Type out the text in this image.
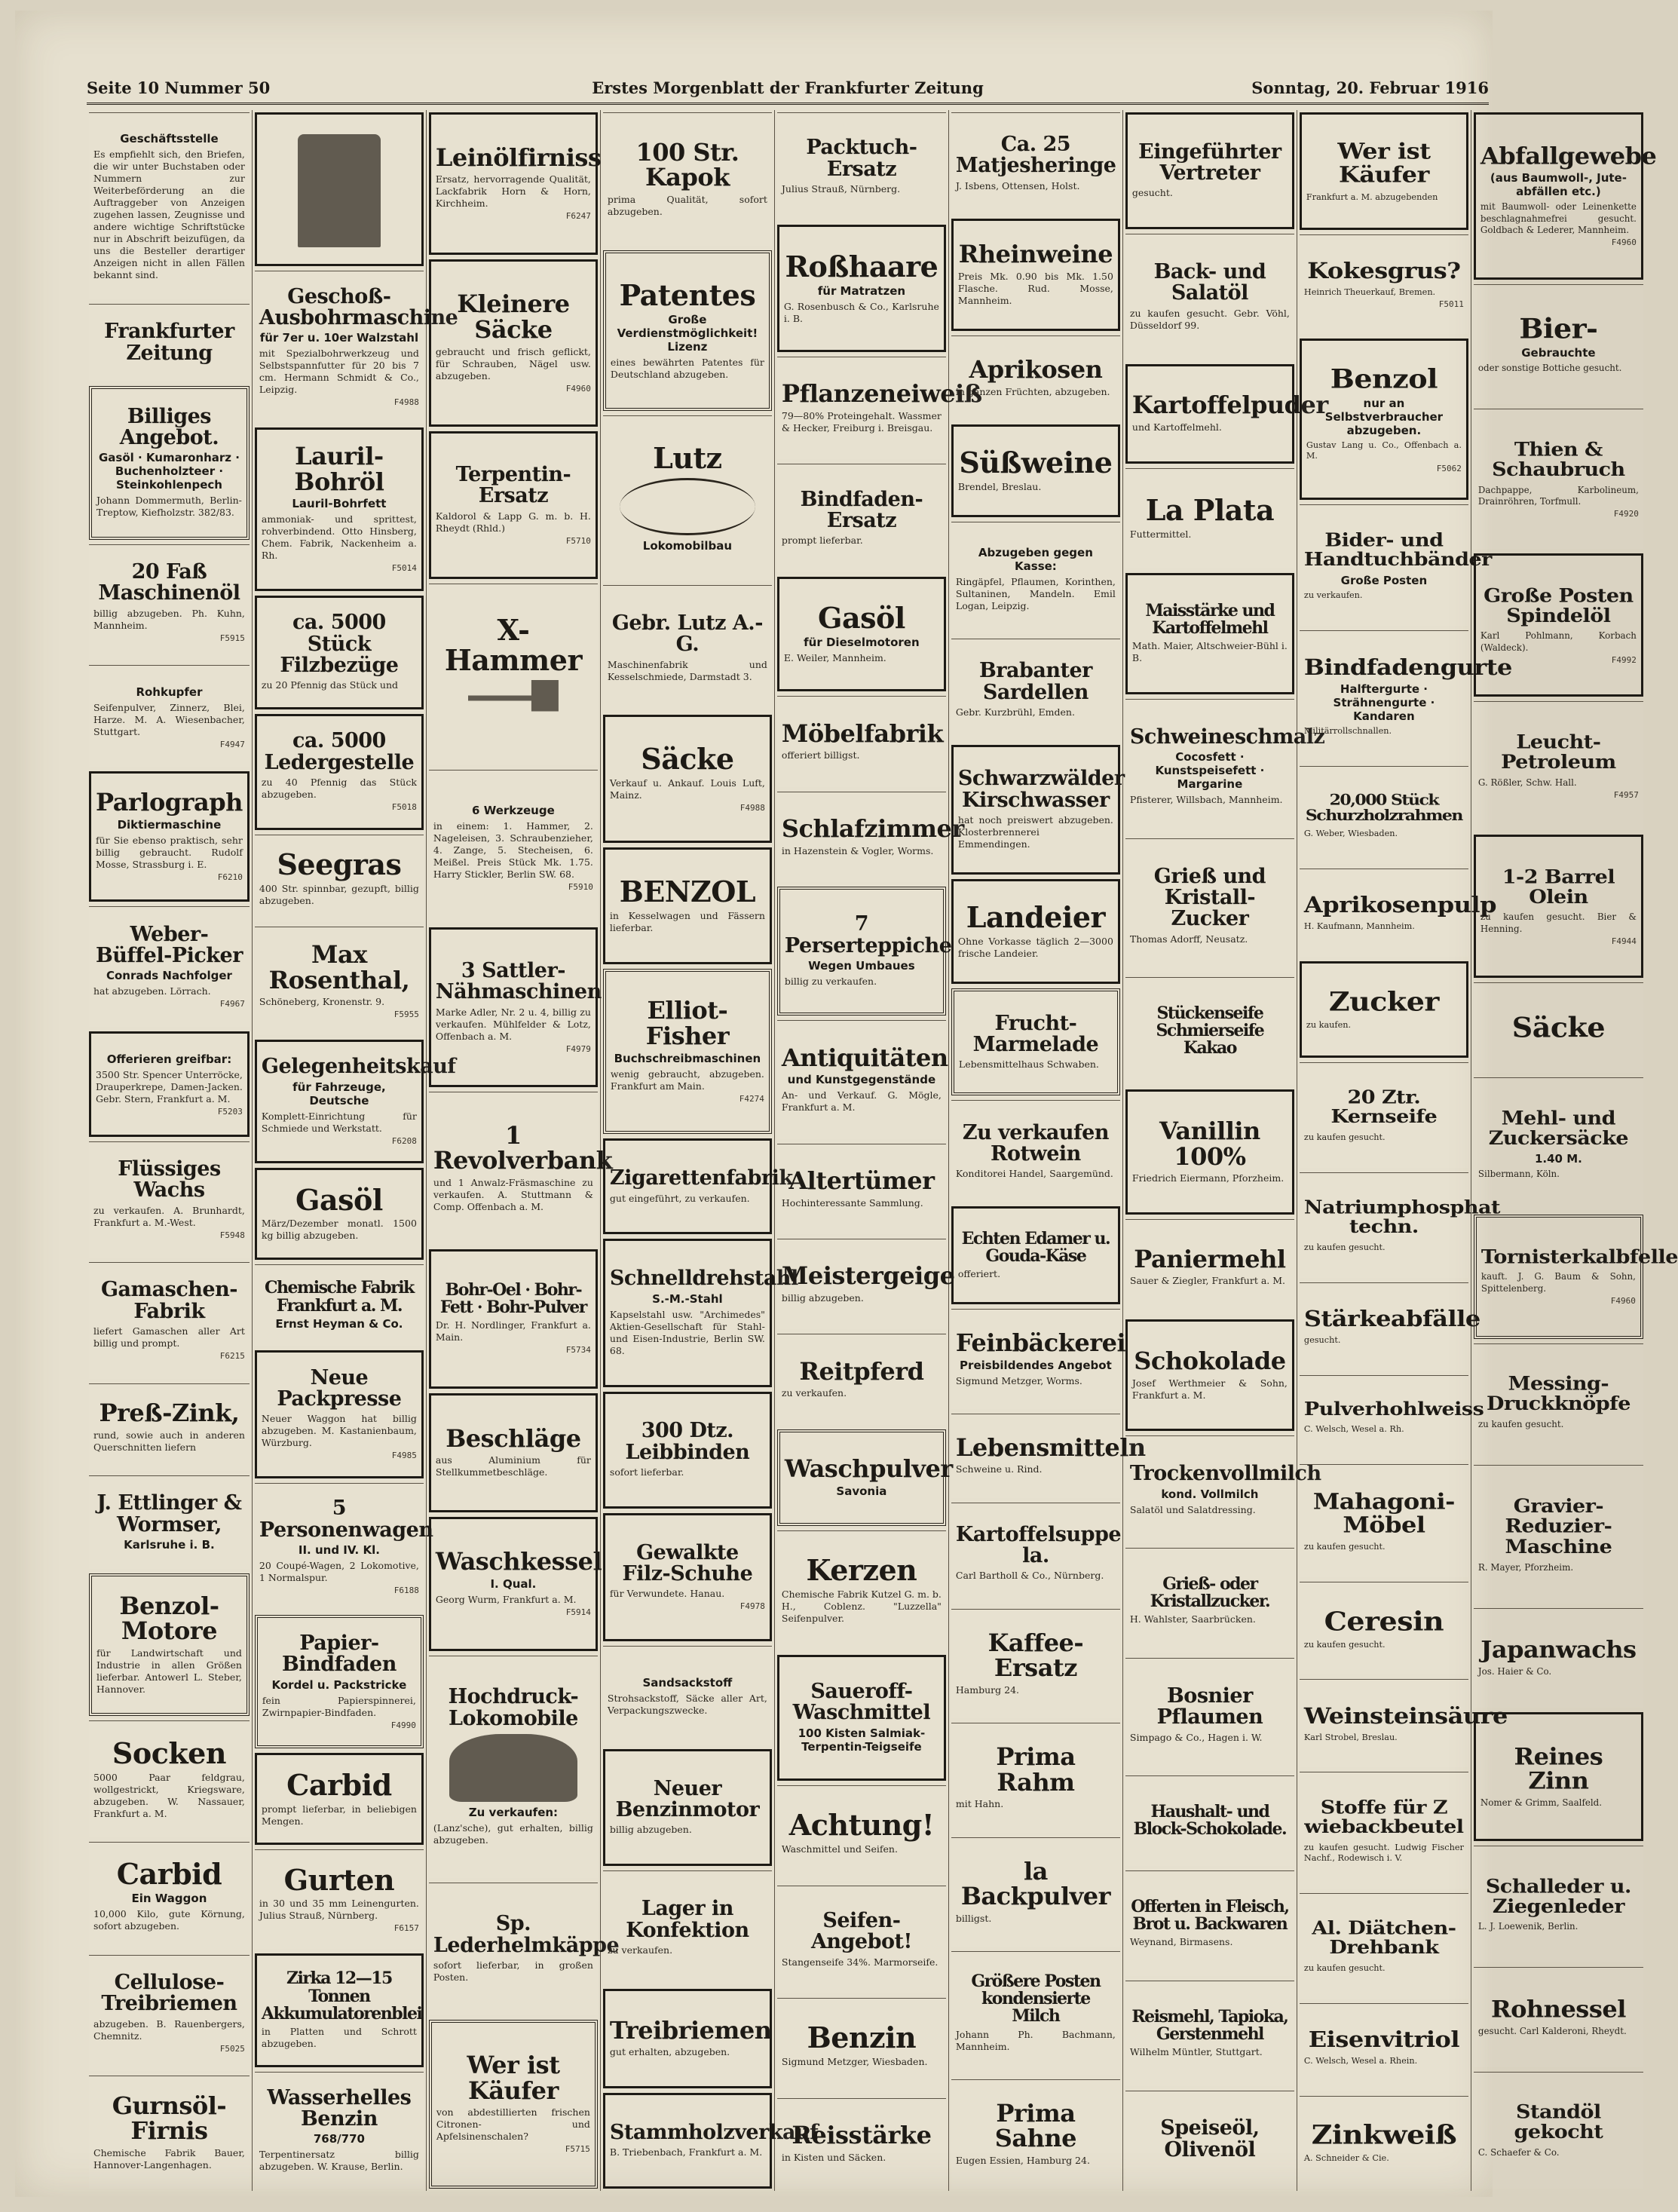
Seite 10 Nummer 50	Erstes Morgenblatt der Frankfurter Zeitung	Sonntag, 20. Februar 1916
Geschäftsstelle
Es empfiehlt sich, den Briefen, die wir unter Buchstaben oder Nummern zur Weiterbeförderung an die Auftraggeber von Anzeigen zugehen lassen, Zeugnisse und andere wichtige Schriftstücke nur in Abschrift beizufügen, da uns die Besteller derartiger Anzeigen nicht in allen Fällen bekannt sind.
Frankfurter Zeitung
Billiges Angebot.
Gasöl · Kumaronharz · Buchenholzteer · Steinkohlenpech
Johann Dommermuth, Berlin-Treptow, Kiefholzstr. 382/83.
20 Faß Maschinenöl
billig abzugeben. Ph. Kuhn, Mannheim.
F5915
Rohkupfer
Seifenpulver, Zinnerz, Blei, Harze. M. A. Wiesenbacher, Stuttgart.
F4947
Parlograph
Diktiermaschine
für Sie ebenso praktisch, sehr billig gebraucht. Rudolf Mosse, Strassburg i. E.
F6210
Weber-Büffel-Picker
Conrads Nachfolger
hat abzugeben. Lörrach.
F4967
Offerieren greifbar:
3500 Str. Spencer Unterröcke, Drauperkrepe, Damen-Jacken. Gebr. Stern, Frankfurt a. M.
F5203
Flüssiges Wachs
zu verkaufen. A. Brunhardt, Frankfurt a. M.-West.
F5948
Gamaschen-Fabrik
liefert Gamaschen aller Art billig und prompt.
F6215
Preß-Zink,
rund, sowie auch in anderen Querschnitten liefern
J. Ettlinger & Wormser,
Karlsruhe i. B.
Benzol-Motore
für Landwirtschaft und Industrie in allen Größen lieferbar. Antowerl L. Steber, Hannover.
Socken
5000 Paar feldgrau, wollgestrickt, Kriegsware, abzugeben. W. Nassauer, Frankfurt a. M.
Carbid
Ein Waggon
10,000 Kilo, gute Körnung, sofort abzugeben.
Cellulose-Treibriemen
abzugeben. B. Rauenbergers, Chemnitz.
F5025
Gurnsöl-Firnis
Chemische Fabrik Bauer, Hannover-Langenhagen.
Geschoß-Ausbohrmaschine
für 7er u. 10er Walzstahl
mit Spezialbohrwerkzeug und Selbstspannfutter für 20 bis 7 cm. Hermann Schmidt & Co., Leipzig.
F4988
Lauril-Bohröl
Lauril-Bohrfett
ammoniak- und sprittest, rohverbindend. Otto Hinsberg, Chem. Fabrik, Nackenheim a. Rh.
F5014
ca. 5000 Stück Filzbezüge
zu 20 Pfennig das Stück und
ca. 5000 Ledergestelle
zu 40 Pfennig das Stück abzugeben.
F5018
Seegras
400 Str. spinnbar, gezupft, billig abzugeben.
Max Rosenthal,
Schöneberg, Kronenstr. 9.
F5955
Gelegenheitskauf
für Fahrzeuge, Deutsche
Komplett-Einrichtung für Schmiede und Werkstatt.
F6208
Gasöl
März/Dezember monatl. 1500 kg billig abzugeben.
Chemische Fabrik Frankfurt a. M.
Ernst Heyman & Co.
Neue Packpresse
Neuer Waggon hat billig abzugeben. M. Kastanienbaum, Würzburg.
F4985
5 Personenwagen
II. und IV. Kl.
20 Coupé-Wagen, 2 Lokomotive, 1 Normalspur.
F6188
Papier-Bindfaden
Kordel u. Packstricke
fein Papierspinnerei, Zwirnpapier-Bindfaden.
F4990
Carbid
prompt lieferbar, in beliebigen Mengen.
Gurten
in 30 und 35 mm Leinengurten. Julius Strauß, Nürnberg.
F6157
Zirka 12—15 Tonnen Akkumulatorenblei
in Platten und Schrott abzugeben.
Wasserhelles Benzin
768/770
Terpentinersatz billig abzugeben. W. Krause, Berlin.
Leinölfirniss
Ersatz, hervorragende Qualität, Lackfabrik Horn & Horn, Kirchheim.
F6247
Kleinere Säcke
gebraucht und frisch geflickt, für Schrauben, Nägel usw. abzugeben.
F4960
Terpentin-Ersatz
Kaldorol & Lapp G. m. b. H. Rheydt (Rhld.)
F5710
X-Hammer
6 Werkzeuge
in einem: 1. Hammer, 2. Nageleisen, 3. Schraubenzieher, 4. Zange, 5. Stecheisen, 6. Meißel. Preis Stück Mk. 1.75. Harry Stickler, Berlin SW. 68.
F5910
3 Sattler-Nähmaschinen
Marke Adler, Nr. 2 u. 4, billig zu verkaufen. Mühlfelder & Lotz, Offenbach a. M.
F4979
1 Revolverbank
und 1 Anwalz-Fräsmaschine zu verkaufen. A. Stuttmann & Comp. Offenbach a. M.
Bohr-Oel · Bohr-Fett · Bohr-Pulver
Dr. H. Nordlinger, Frankfurt a. Main.
F5734
Beschläge
aus Aluminium für Stellkummetbeschläge.
Waschkessel
I. Qual.
Georg Wurm, Frankfurt a. M.
F5914
Hochdruck-Lokomobile
Zu verkaufen:
(Lanz'sche), gut erhalten, billig abzugeben.
Sp. Lederhelmkäppe
sofort lieferbar, in großen Posten.
Wer ist Käufer
von abdestillierten frischen Citronen- und Apfelsinenschalen?
F5715
100 Str. Kapok
prima Qualität, sofort abzugeben.
Patentes
Große Verdienstmöglichkeit! Lizenz
eines bewährten Patentes für Deutschland abzugeben.
Lutz
Lokomobilbau
Gebr. Lutz A.-G.
Maschinenfabrik und Kesselschmiede, Darmstadt 3.
Säcke
Verkauf u. Ankauf. Louis Luft, Mainz.
F4988
BENZOL
in Kesselwagen und Fässern lieferbar.
Elliot-Fisher
Buchschreibmaschinen
wenig gebraucht, abzugeben. Frankfurt am Main.
F4274
Zigarettenfabrik
gut eingeführt, zu verkaufen.
Schnelldrehstahl
S.-M.-Stahl
Kapselstahl usw. "Archimedes" Aktien-Gesellschaft für Stahl- und Eisen-Industrie, Berlin SW. 68.
300 Dtz. Leibbinden
sofort lieferbar.
Gewalkte Filz-Schuhe
für Verwundete. Hanau.
F4978
Sandsackstoff
Strohsackstoff, Säcke aller Art, Verpackungszwecke.
Neuer Benzinmotor
billig abzugeben.
Lager in Konfektion
zu verkaufen.
Treibriemen
gut erhalten, abzugeben.
Stammholzverkauf
B. Triebenbach, Frankfurt a. M.
Packtuch-Ersatz
Julius Strauß, Nürnberg.
Roßhaare
für Matratzen
G. Rosenbusch & Co., Karlsruhe i. B.
Pflanzeneiweiß
79—80% Proteingehalt. Wassmer & Hecker, Freiburg i. Breisgau.
Bindfaden-Ersatz
prompt lieferbar.
Gasöl
für Dieselmotoren
E. Weiler, Mannheim.
Möbelfabrik
offeriert billigst.
Schlafzimmer
in Hazenstein & Vogler, Worms.
7 Perserteppiche
Wegen Umbaues
billig zu verkaufen.
Antiquitäten
und Kunstgegenstände
An- und Verkauf. G. Mögle, Frankfurt a. M.
Altertümer
Hochinteressante Sammlung.
Meistergeige
billig abzugeben.
Reitpferd
zu verkaufen.
Waschpulver
Savonia
Kerzen
Chemische Fabrik Kutzel G. m. b. H., Coblenz. "Luzzella" Seifenpulver.
Saueroff-Waschmittel
100 Kisten Salmiak-Terpentin-Teigseife
Achtung!
Waschmittel und Seifen.
Seifen-Angebot!
Stangenseife 34%. Marmorseife.
Benzin
Sigmund Metzger, Wiesbaden.
Reisstärke
in Kisten und Säcken.
Ca. 25 Matjesheringe
J. Isbens, Ottensen, Holst.
Rheinweine
Preis Mk. 0.90 bis Mk. 1.50 Flasche. Rud. Mosse, Mannheim.
Aprikosen
in ganzen Früchten, abzugeben.
Süßweine
Brendel, Breslau.
Abzugeben gegen Kasse:
Ringäpfel, Pflaumen, Korinthen, Sultaninen, Mandeln. Emil Logan, Leipzig.
Brabanter Sardellen
Gebr. Kurzbrühl, Emden.
Schwarzwälder Kirschwasser
hat noch preiswert abzugeben. Klosterbrennerei Emmendingen.
Landeier
Ohne Vorkasse täglich 2—3000 frische Landeier.
Frucht-Marmelade
Lebensmittelhaus Schwaben.
Zu verkaufen Rotwein
Konditorei Handel, Saargemünd.
Echten Edamer u. Gouda-Käse
offeriert.
Feinbäckerei
Preisbildendes Angebot
Sigmund Metzger, Worms.
Lebensmitteln
Schweine u. Rind.
Kartoffelsuppe la.
Carl Bartholl & Co., Nürnberg.
Kaffee-Ersatz
Hamburg 24.
Prima Rahm
mit Hahn.
la Backpulver
billigst.
Größere Posten kondensierte Milch
Johann Ph. Bachmann, Mannheim.
Prima Sahne
Eugen Essien, Hamburg 24.
Eingeführter Vertreter
gesucht.
Back- und Salatöl
zu kaufen gesucht. Gebr. Vöhl, Düsseldorf 99.
Kartoffelpuder
und Kartoffelmehl.
La Plata
Futtermittel.
Maisstärke und Kartoffelmehl
Math. Maier, Altschweier-Bühl i. B.
Schweineschmalz
Cocosfett · Kunstspeisefett · Margarine
Pfisterer, Willsbach, Mannheim.
Grieß und Kristall-Zucker
Thomas Adorff, Neusatz.
Stückenseife Schmierseife Kakao
Vanillin 100%
Friedrich Eiermann, Pforzheim.
Paniermehl
Sauer & Ziegler, Frankfurt a. M.
Schokolade
Josef Werthmeier & Sohn, Frankfurt a. M.
Trockenvollmilch
kond. Vollmilch
Salatöl und Salatdressing.
Grieß- oder Kristallzucker.
H. Wahlster, Saarbrücken.
Bosnier Pflaumen
Simpago & Co., Hagen i. W.
Haushalt- und Block-Schokolade.
Offerten in Fleisch, Brot u. Backwaren
Weynand, Birmasens.
Reismehl, Tapioka, Gerstenmehl
Wilhelm Müntler, Stuttgart.
Speiseöl, Olivenöl
Wer ist Käufer
Frankfurt a. M. abzugebenden
Kokesgrus?
Heinrich Theuerkauf, Bremen.
F5011
Benzol
nur an Selbstverbraucher abzugeben.
Gustav Lang u. Co., Offenbach a. M.
F5062
Bider- und Handtuchbänder
Große Posten
zu verkaufen.
Bindfadengurte
Halftergurte · Strähnengurte · Kandaren
Militärrollschnallen.
20,000 Stück Schurzholzrahmen
G. Weber, Wiesbaden.
Aprikosenpulp
H. Kaufmann, Mannheim.
Zucker
zu kaufen.
20 Ztr. Kernseife
zu kaufen gesucht.
Natriumphosphat techn.
zu kaufen gesucht.
Stärkeabfälle
gesucht.
Pulverhohlweiss
C. Welsch, Wesel a. Rh.
Mahagoni-Möbel
zu kaufen gesucht.
Ceresin
zu kaufen gesucht.
Weinsteinsäure
Karl Strobel, Breslau.
Stoffe für Z wiebackbeutel
zu kaufen gesucht. Ludwig Fischer Nachf., Rodewisch i. V.
Al. Diätchen-Drehbank
zu kaufen gesucht.
Eisenvitriol
C. Welsch, Wesel a. Rhein.
Zinkweiß
A. Schneider & Cie.
Abfallgewebe
(aus Baumwoll-, Jute-abfällen etc.)
mit Baumwoll- oder Leinenkette beschlagnahmefrei gesucht. Goldbach & Lederer, Mannheim.
F4960
Bier-
Gebrauchte
oder sonstige Bottiche gesucht.
Thien & Schaubruch
Dachpappe, Karbolineum, Drainröhren, Torfmull.
F4920
Große Posten Spindelöl
Karl Pohlmann, Korbach (Waldeck).
F4992
Leucht-Petroleum
G. Rößler, Schw. Hall.
F4957
1-2 Barrel Olein
zu kaufen gesucht. Bier & Henning.
F4944
Säcke
Mehl- und Zuckersäcke
1.40 M.
Silbermann, Köln.
Tornisterkalbfelle
kauft. J. G. Baum & Sohn, Spittelenberg.
F4960
Messing-Druckknöpfe
zu kaufen gesucht.
Gravier-Reduzier-Maschine
R. Mayer, Pforzheim.
Japanwachs
Jos. Haier & Co.
Reines Zinn
Nomer & Grimm, Saalfeld.
Schalleder u. Ziegenleder
L. J. Loewenik, Berlin.
Rohnessel
gesucht. Carl Kalderoni, Rheydt.
Standöl gekocht
C. Schaefer & Co.
